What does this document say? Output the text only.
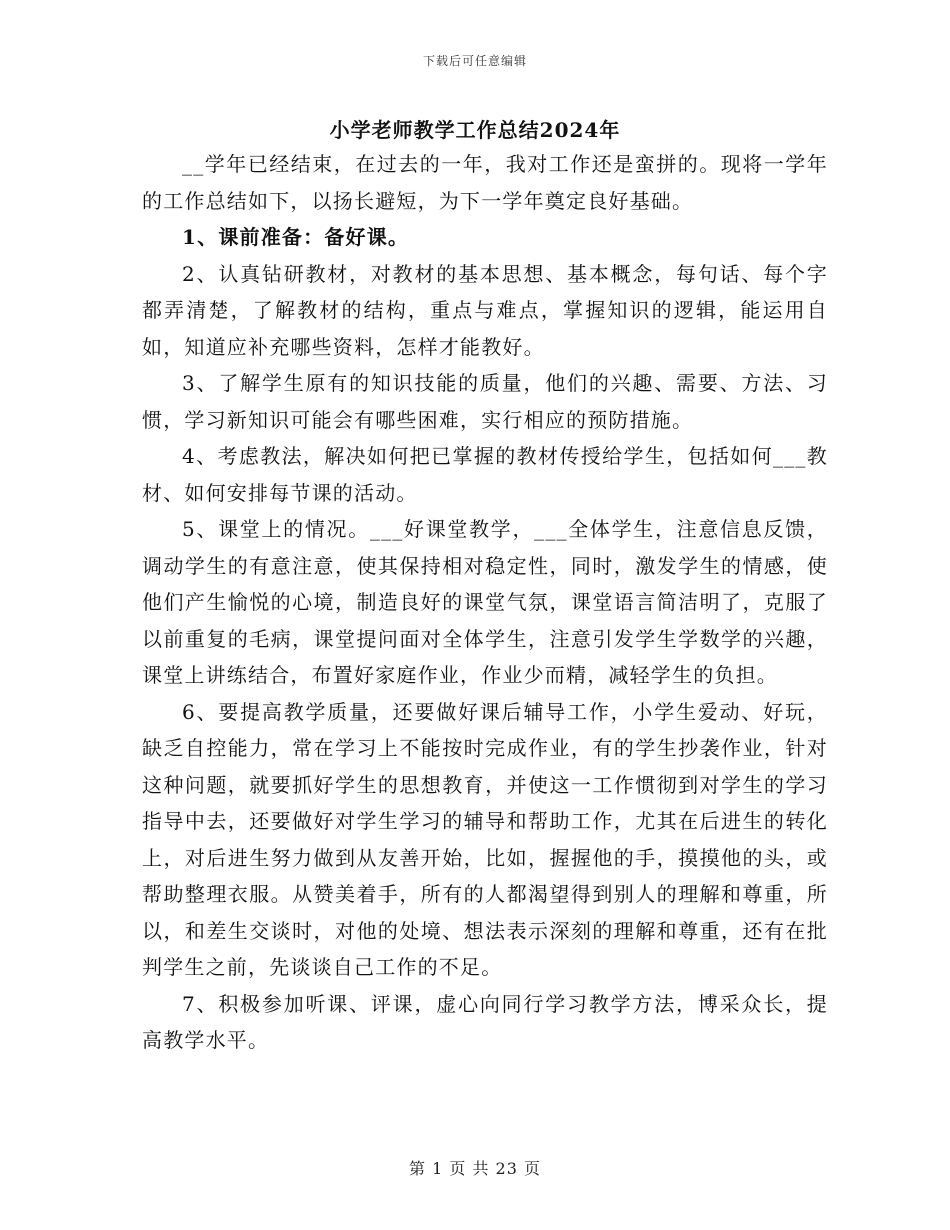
下载后可任意编辑
小学老师教学工作总结2024年

__学年已经结束，在过去的一年，我对工作还是蛮拼的。现将一学年的工作总结如下，以扬长避短，为下一学年奠定良好基础。

1、课前准备：备好课。

2、认真钻研教材，对教材的基本思想、基本概念，每句话、每个字都弄清楚，了解教材的结构，重点与难点，掌握知识的逻辑，能运用自如，知道应补充哪些资料，怎样才能教好。

3、了解学生原有的知识技能的质量，他们的兴趣、需要、方法、习惯，学习新知识可能会有哪些困难，实行相应的预防措施。

4、考虑教法，解决如何把已掌握的教材传授给学生，包括如何___教材、如何安排每节课的活动。

5、课堂上的情况。___好课堂教学，___全体学生，注意信息反馈，调动学生的有意注意，使其保持相对稳定性，同时，激发学生的情感，使他们产生愉悦的心境，制造良好的课堂气氛，课堂语言简洁明了，克服了以前重复的毛病，课堂提问面对全体学生，注意引发学生学数学的兴趣，课堂上讲练结合，布置好家庭作业，作业少而精，减轻学生的负担。

6、要提高教学质量，还要做好课后辅导工作，小学生爱动、好玩，缺乏自控能力，常在学习上不能按时完成作业，有的学生抄袭作业，针对这种问题，就要抓好学生的思想教育，并使这一工作惯彻到对学生的学习指导中去，还要做好对学生学习的辅导和帮助工作，尤其在后进生的转化上，对后进生努力做到从友善开始，比如，握握他的手，摸摸他的头，或帮助整理衣服。从赞美着手，所有的人都渴望得到别人的理解和尊重，所以，和差生交谈时，对他的处境、想法表示深刻的理解和尊重，还有在批判学生之前，先谈谈自己工作的不足。

7、积极参加听课、评课，虚心向同行学习教学方法，博采众长，提高教学水平。

第 1 页 共 23 页
